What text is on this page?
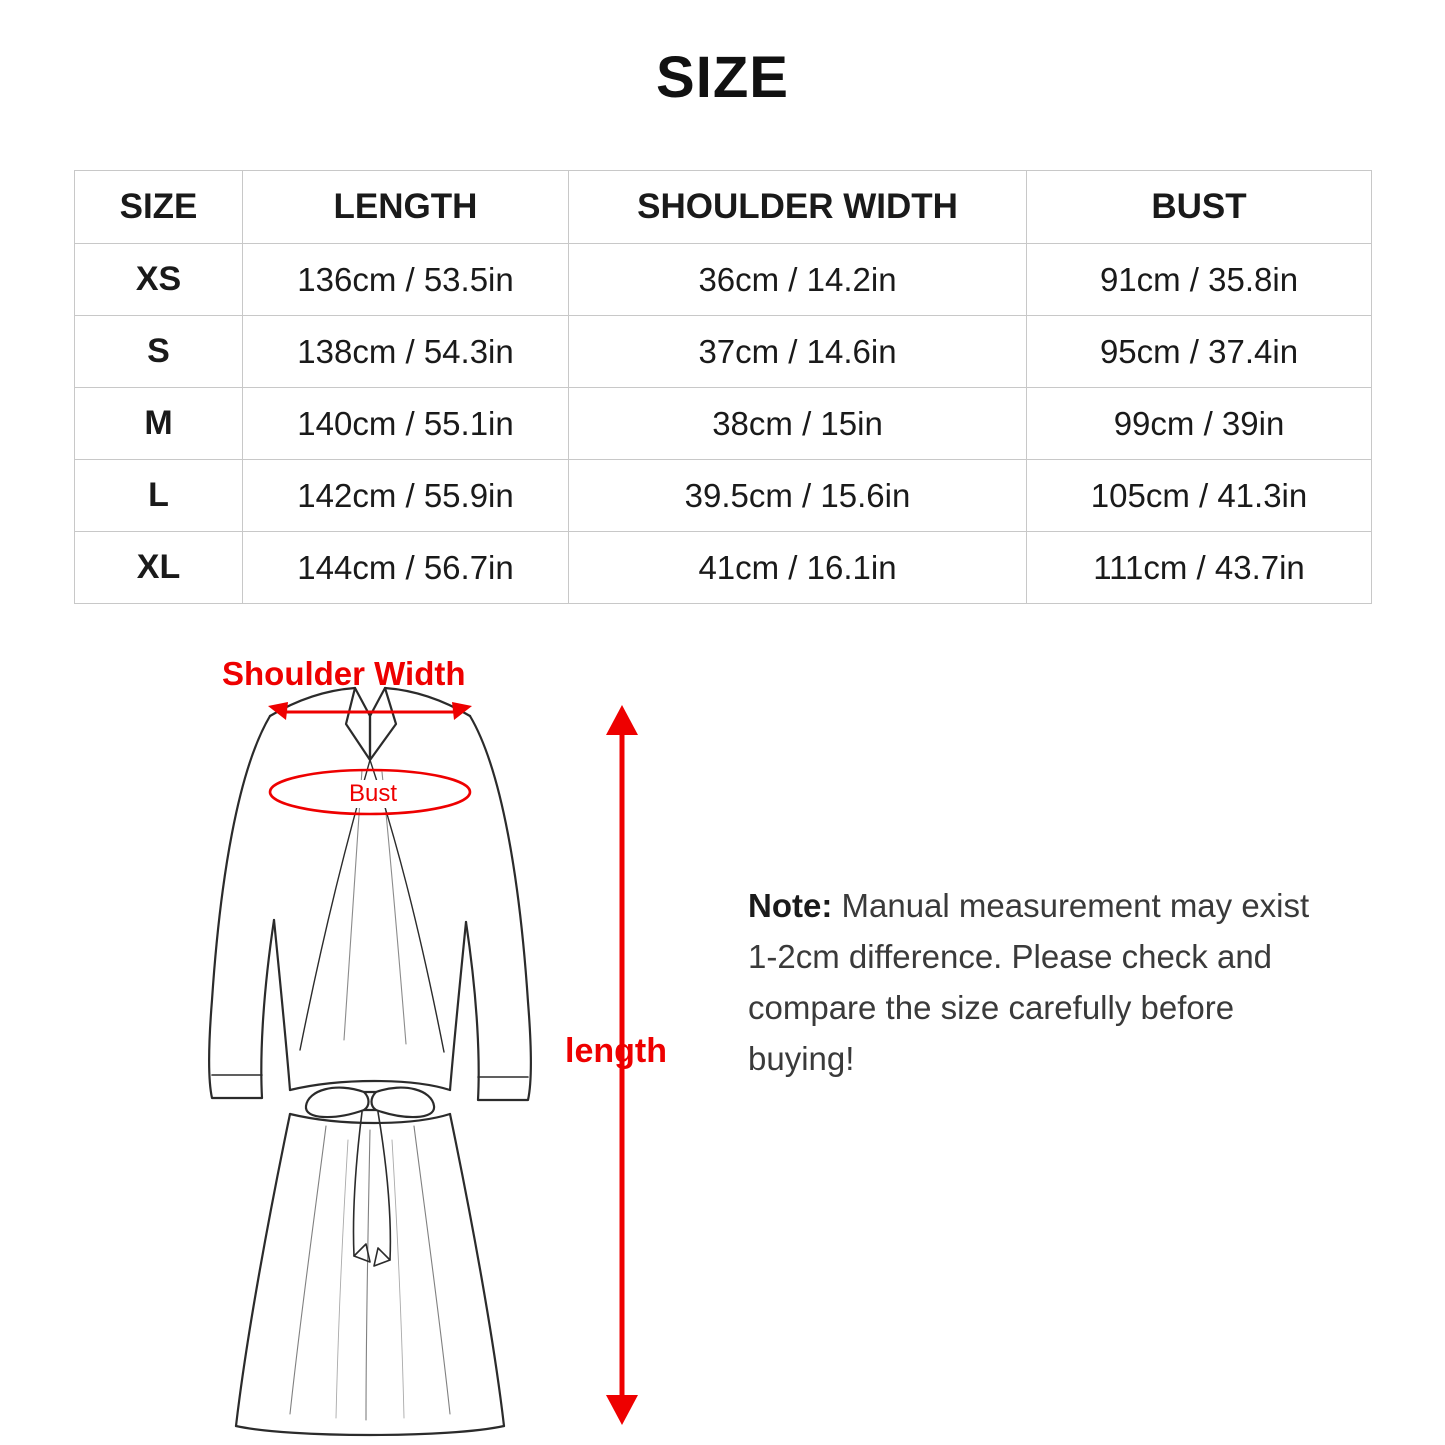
SIZE
SIZE	LENGTH	SHOULDER WIDTH	BUST
XS	136cm / 53.5in	36cm / 14.2in	91cm / 35.8in
S	138cm / 54.3in	37cm / 14.6in	95cm / 37.4in
M	140cm / 55.1in	38cm / 15in	99cm / 39in
L	142cm / 55.9in	39.5cm / 15.6in	105cm / 41.3in
XL	144cm / 56.7in	41cm / 16.1in	111cm / 43.7in
Shoulder Width
Bust
length
Note: Manual measurement may exist 1-2cm difference. Please check and compare the size carefully before buying!
